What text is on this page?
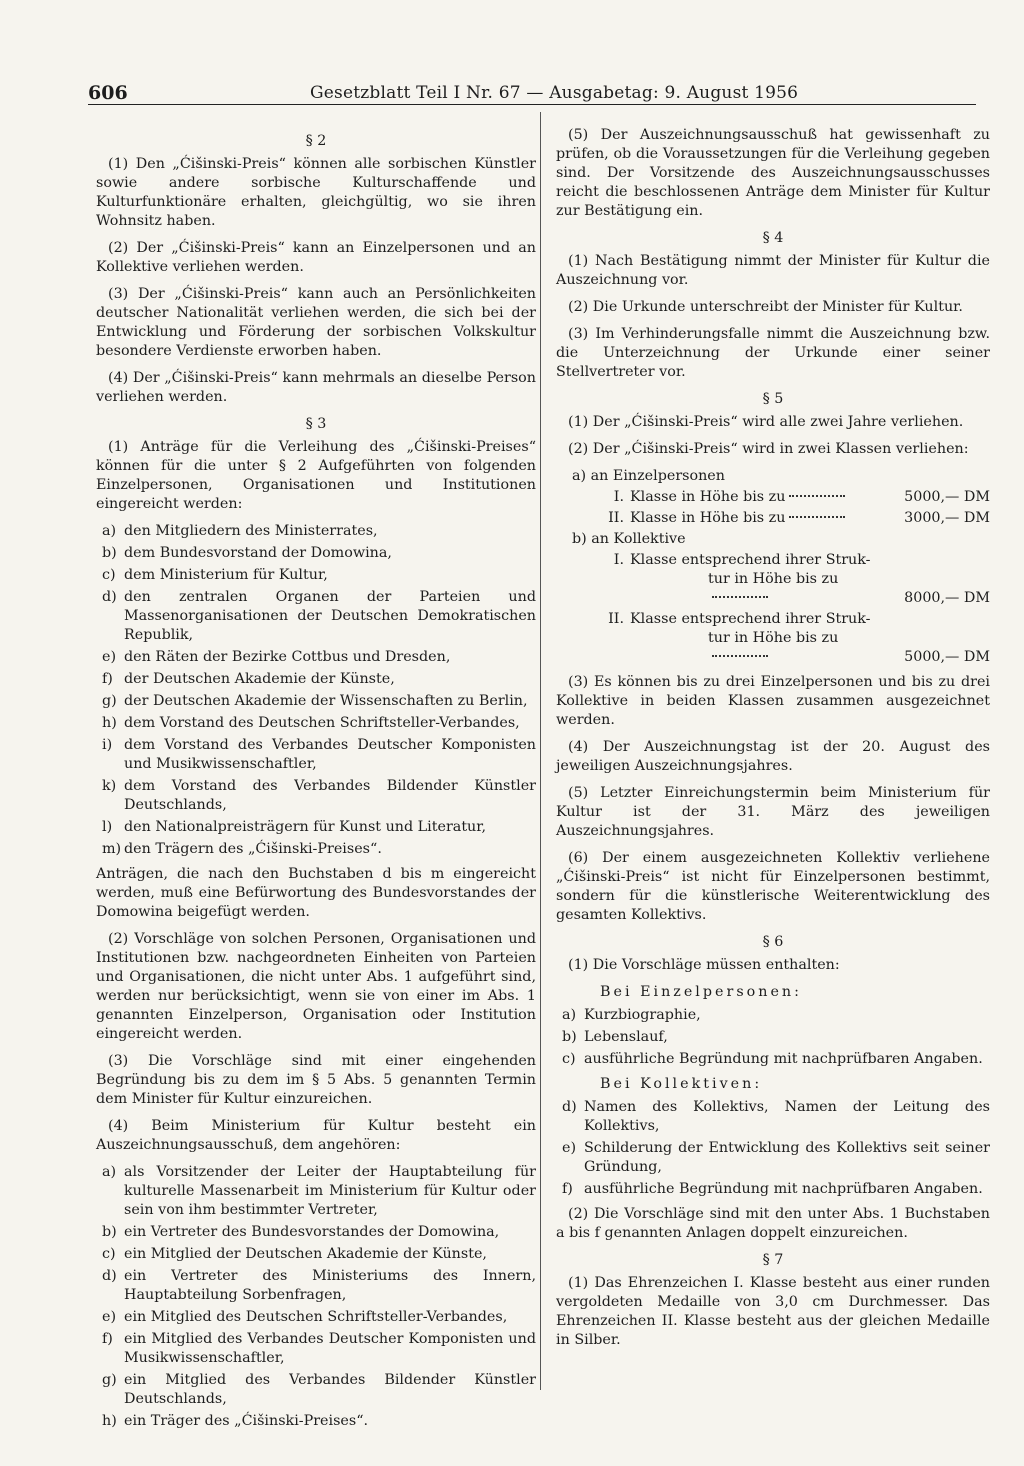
606	Gesetzblatt Teil I Nr. 67 — Ausgabetag: 9. August 1956
§ 2

(1) Den „Ćišinski-Preis“ können alle sorbischen Künstler sowie andere sorbische Kulturschaffende und Kulturfunktionäre erhalten, gleichgültig, wo sie ihren Wohnsitz haben.

(2) Der „Ćišinski-Preis“ kann an Einzelpersonen und an Kollektive verliehen werden.

(3) Der „Ćišinski-Preis“ kann auch an Persönlichkeiten deutscher Nationalität verliehen werden, die sich bei der Entwicklung und Förderung der sorbischen Volkskultur besondere Verdienste erworben haben.

(4) Der „Ćišinski-Preis“ kann mehrmals an dieselbe Person verliehen werden.

§ 3

(1) Anträge für die Verleihung des „Ćišinski-Preises“ können für die unter § 2 Aufgeführten von folgenden Einzelpersonen, Organisationen und Institutionen eingereicht werden:

a) den Mitgliedern des Ministerrates,
b) dem Bundesvorstand der Domowina,
c) dem Ministerium für Kultur,
d) den zentralen Organen der Parteien und Massenorganisationen der Deutschen Demokratischen Republik,
e) den Räten der Bezirke Cottbus und Dresden,
f) der Deutschen Akademie der Künste,
g) der Deutschen Akademie der Wissenschaften zu Berlin,
h) dem Vorstand des Deutschen Schriftsteller-Verbandes,
i) dem Vorstand des Verbandes Deutscher Komponisten und Musikwissenschaftler,
k) dem Vorstand des Verbandes Bildender Künstler Deutschlands,
l) den Nationalpreisträgern für Kunst und Literatur,
m) den Trägern des „Ćišinski-Preises“.

Anträgen, die nach den Buchstaben d bis m eingereicht werden, muß eine Befürwortung des Bundesvorstandes der Domowina beigefügt werden.

(2) Vorschläge von solchen Personen, Organisationen und Institutionen bzw. nachgeordneten Einheiten von Parteien und Organisationen, die nicht unter Abs. 1 aufgeführt sind, werden nur berücksichtigt, wenn sie von einer im Abs. 1 genannten Einzelperson, Organisation oder Institution eingereicht werden.

(3) Die Vorschläge sind mit einer eingehenden Begründung bis zu dem im § 5 Abs. 5 genannten Termin dem Minister für Kultur einzureichen.

(4) Beim Ministerium für Kultur besteht ein Auszeichnungsausschuß, dem angehören:

a) als Vorsitzender der Leiter der Hauptabteilung für kulturelle Massenarbeit im Ministerium für Kultur oder sein von ihm bestimmter Vertreter,
b) ein Vertreter des Bundesvorstandes der Domowina,
c) ein Mitglied der Deutschen Akademie der Künste,
d) ein Vertreter des Ministeriums des Innern, Hauptabteilung Sorbenfragen,
e) ein Mitglied des Deutschen Schriftsteller-Verbandes,
f) ein Mitglied des Verbandes Deutscher Komponisten und Musikwissenschaftler,
g) ein Mitglied des Verbandes Bildender Künstler Deutschlands,
h) ein Träger des „Ćišinski-Preises“.

(5) Der Auszeichnungsausschuß hat gewissenhaft zu prüfen, ob die Voraussetzungen für die Verleihung gegeben sind. Der Vorsitzende des Auszeichnungsausschusses reicht die beschlossenen Anträge dem Minister für Kultur zur Bestätigung ein.

§ 4

(1) Nach Bestätigung nimmt der Minister für Kultur die Auszeichnung vor.

(2) Die Urkunde unterschreibt der Minister für Kultur.

(3) Im Verhinderungsfalle nimmt die Auszeichnung bzw. die Unterzeichnung der Urkunde einer seiner Stellvertreter vor.

§ 5

(1) Der „Ćišinski-Preis“ wird alle zwei Jahre verliehen.

(2) Der „Ćišinski-Preis“ wird in zwei Klassen verliehen:

a) an Einzelpersonen
I. Klasse in Höhe bis zu	5000,— DM
II. Klasse in Höhe bis zu	3000,— DM
b) an Kollektive
I. Klasse entsprechend ihrer Struk-
tur in Höhe bis zu
8000,— DM
II. Klasse entsprechend ihrer Struk-
tur in Höhe bis zu
5000,— DM

(3) Es können bis zu drei Einzelpersonen und bis zu drei Kollektive in beiden Klassen zusammen ausgezeichnet werden.

(4) Der Auszeichnungstag ist der 20. August des jeweiligen Auszeichnungsjahres.

(5) Letzter Einreichungstermin beim Ministerium für Kultur ist der 31. März des jeweiligen Auszeichnungsjahres.

(6) Der einem ausgezeichneten Kollektiv verliehene „Ćišinski-Preis“ ist nicht für Einzelpersonen bestimmt, sondern für die künstlerische Weiterentwicklung des gesamten Kollektivs.

§ 6

(1) Die Vorschläge müssen enthalten:

Bei Einzelpersonen:
a) Kurzbiographie,
b) Lebenslauf,
c) ausführliche Begründung mit nachprüfbaren Angaben.
Bei Kollektiven:
d) Namen des Kollektivs, Namen der Leitung des Kollektivs,
e) Schilderung der Entwicklung des Kollektivs seit seiner Gründung,
f) ausführliche Begründung mit nachprüfbaren Angaben.

(2) Die Vorschläge sind mit den unter Abs. 1 Buchstaben a bis f genannten Anlagen doppelt einzureichen.

§ 7

(1) Das Ehrenzeichen I. Klasse besteht aus einer runden vergoldeten Medaille von 3,0 cm Durchmesser. Das Ehrenzeichen II. Klasse besteht aus der gleichen Medaille in Silber.
